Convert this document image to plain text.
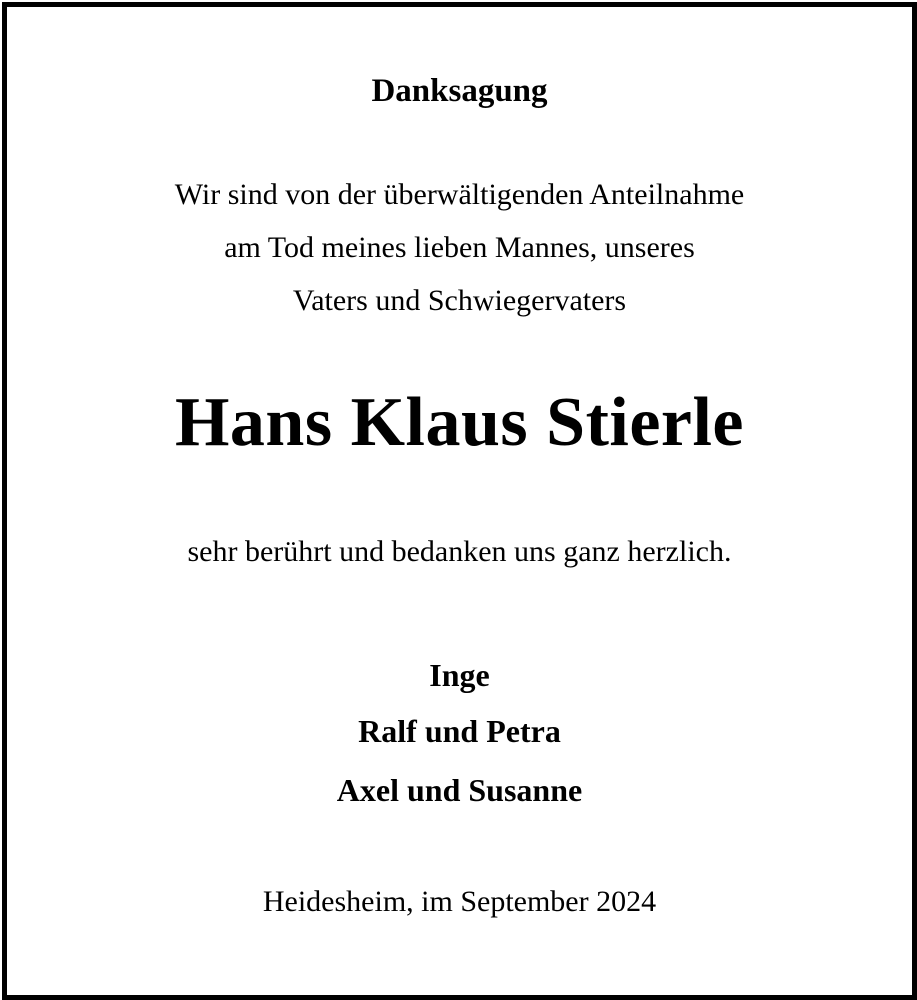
Danksagung
Wir sind von der überwältigenden Anteilnahme
am Tod meines lieben Mannes, unseres
Vaters und Schwiegervaters
Hans Klaus Stierle
sehr berührt und bedanken uns ganz herzlich.
Inge
Ralf und Petra
Axel und Susanne
Heidesheim, im September 2024
